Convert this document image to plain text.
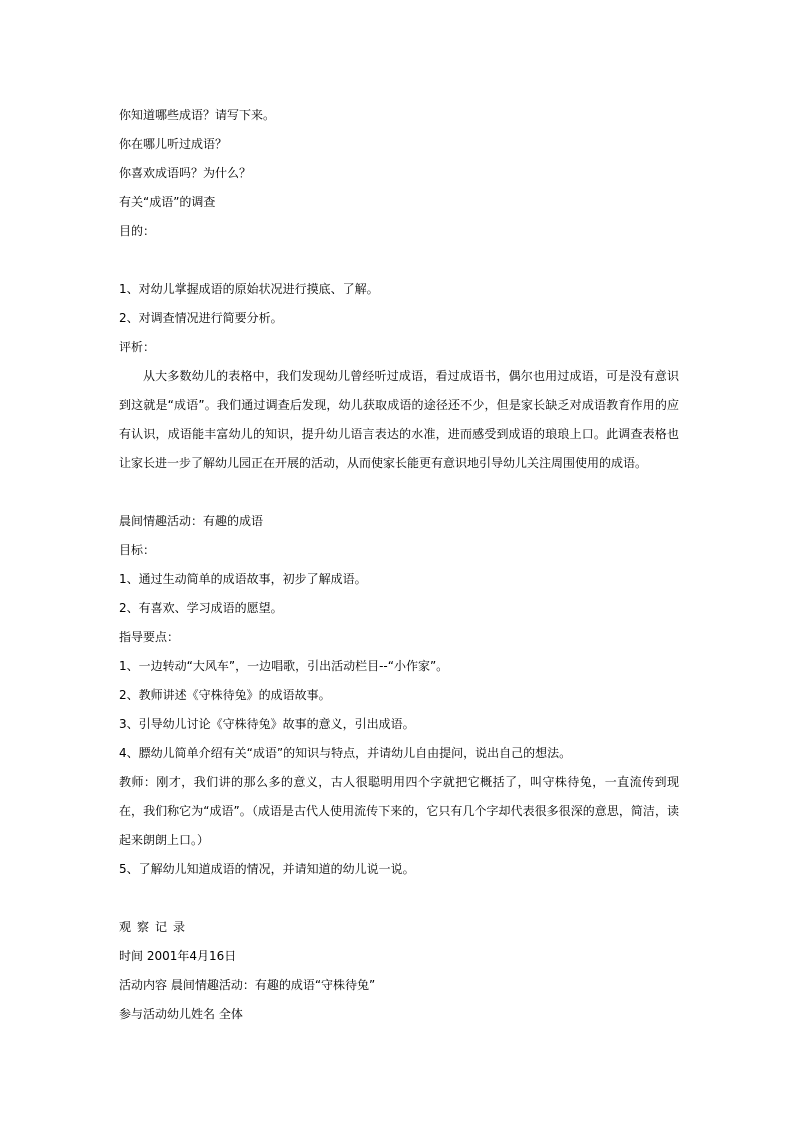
你知道哪些成语？请写下来。
你在哪儿听过成语？
你喜欢成语吗？为什么？
有关“成语”的调查
目的：
1、对幼儿掌握成语的原始状况进行摸底、了解。
2、对调查情况进行简要分析。
评析：
从大多数幼儿的表格中，我们发现幼儿曾经听过成语，看过成语书，偶尔也用过成语，可是没有意识到这就是“成语”。我们通过调查后发现，幼儿获取成语的途径还不少，但是家长缺乏对成语教育作用的应有认识，成语能丰富幼儿的知识，提升幼儿语言表达的水准，进而感受到成语的琅琅上口。此调查表格也让家长进一步了解幼儿园正在开展的活动，从而使家长能更有意识地引导幼儿关注周围使用的成语。
晨间情趣活动：有趣的成语
目标：
1、通过生动简单的成语故事，初步了解成语。
2、有喜欢、学习成语的愿望。
指导要点：
1、一边转动“大风车”，一边唱歌，引出活动栏目--“小作家”。
2、教师讲述《守株待兔》的成语故事。
3、引导幼儿讨论《守株待兔》故事的意义，引出成语。
4、膘幼儿简单介绍有关“成语”的知识与特点，并请幼儿自由提问，说出自己的想法。
教师：刚才，我们讲的那么多的意义，古人很聪明用四个字就把它概括了，叫守株待兔，一直流传到现在，我们称它为“成语”。（成语是古代人使用流传下来的，它只有几个字却代表很多很深的意思，简洁，读起来朗朗上口。）
5、了解幼儿知道成语的情况，并请知道的幼儿说一说。
观察记录
时间 2001年4月16日
活动内容 晨间情趣活动：有趣的成语“守株待兔”
参与活动幼儿姓名 全体
